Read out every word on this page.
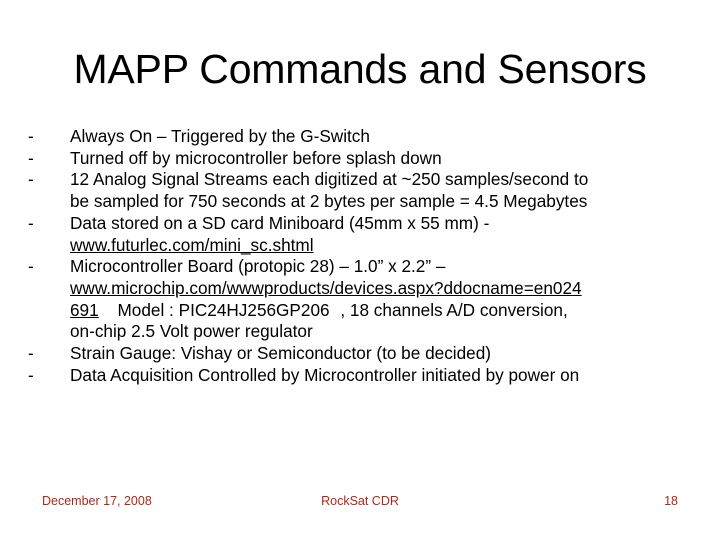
MAPP Commands and Sensors
- Always On – Triggered by the G-Switch
- Turned off by microcontroller before splash down
- 12 Analog Signal Streams each digitized at ~250 samples/second to
be sampled for 750 seconds at 2 bytes per sample = 4.5 Megabytes
- Data stored on a SD card Miniboard (45mm x 55 mm) -
www.futurlec.com/mini_sc.shtml
- Microcontroller Board (protopic 28) – 1.0” x 2.2” –
www.microchip.com/wwwproducts/devices.aspx?ddocname=en024
691 Model : PIC24HJ256GP206 , 18 channels A/D conversion,
on-chip 2.5 Volt power regulator
- Strain Gauge: Vishay or Semiconductor (to be decided)
- Data Acquisition Controlled by Microcontroller initiated by power on
December 17, 2008	RockSat CDR	18
